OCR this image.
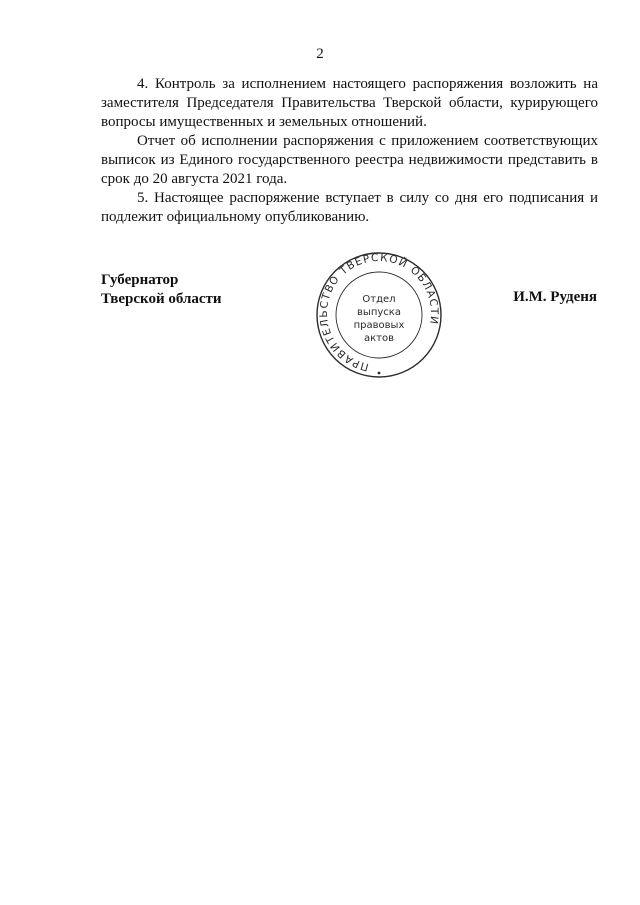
2

4. Контроль за исполнением настоящего распоряжения возложить на заместителя Председателя Правительства Тверской области, курирующего вопросы имущественных и земельных отношений.

Отчет об исполнении распоряжения с приложением соответствующих выписок из Единого государственного реестра недвижимости представить в срок до 20 августа 2021 года.

5. Настоящее распоряжение вступает в силу со дня его подписания и подлежит официальному опубликованию.

Губернатор
Тверской области	И.М. Руденя
ПРАВИТЕЛЬСТВО ТВЕРСКОЙ ОБЛАСТИ
Отдел
выпуска
правовых
актов
